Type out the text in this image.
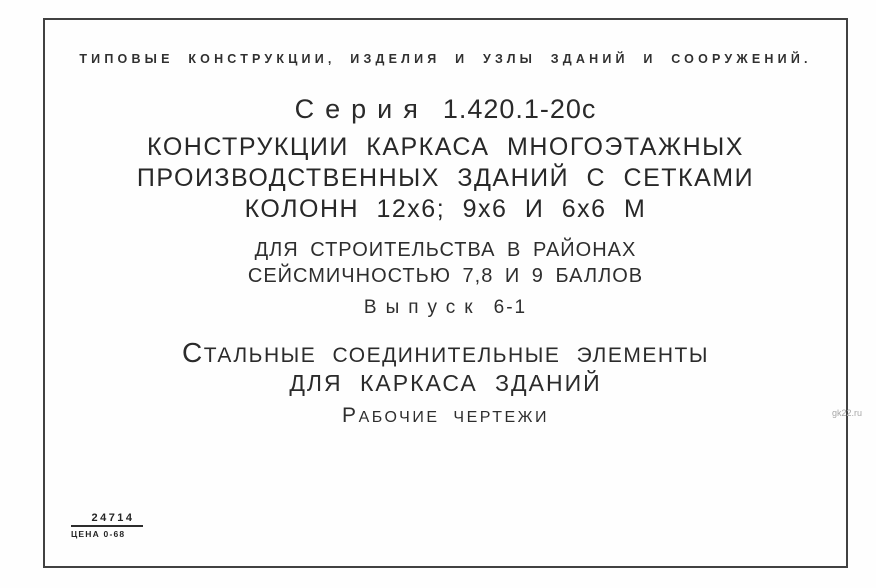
ТИПОВЫЕ КОНСТРУКЦИИ, ИЗДЕЛИЯ И УЗЛЫ ЗДАНИЙ И СООРУЖЕНИЙ.
Серия 1.420.1-20с
КОНСТРУКЦИИ КАРКАСА МНОГОЭТАЖНЫХ
ПРОИЗВОДСТВЕННЫХ ЗДАНИЙ С СЕТКАМИ
КОЛОНН 12х6; 9х6 И 6х6 М
ДЛЯ СТРОИТЕЛЬСТВА В РАЙОНАХ
СЕЙСМИЧНОСТЬЮ 7,8 И 9 БАЛЛОВ
Выпуск 6-1
СТАЛЬНЫЕ СОЕДИНИТЕЛЬНЫЕ ЭЛЕМЕНТЫ
ДЛЯ КАРКАСА ЗДАНИЙ
РАБОЧИЕ ЧЕРТЕЖИ
24714
ЦЕНА 0-68
gk22.ru
